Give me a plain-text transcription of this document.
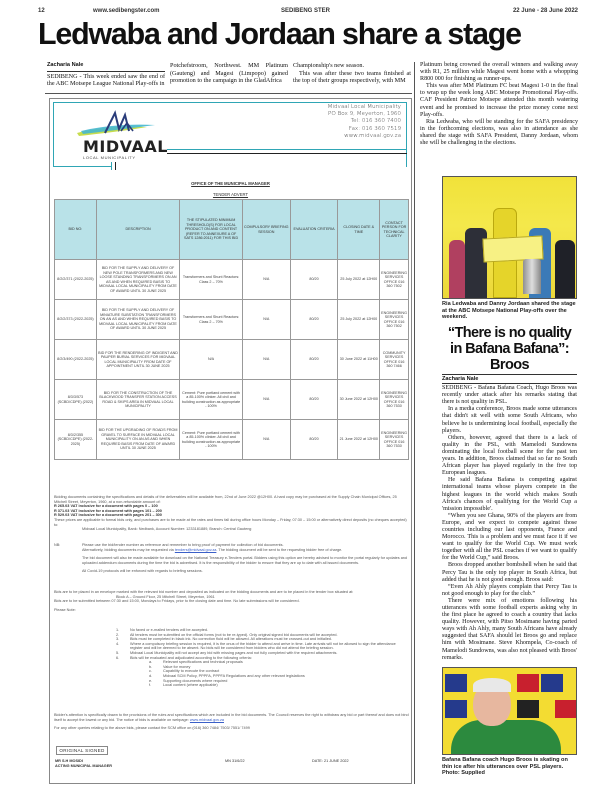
12	www.sedibengster.com	SEDIBENG STER	22 June - 28 June 2022
Ledwaba and Jordaan share a stage
Zacharia Nale
SEDIBENG - This week ended saw the end of the ABC Motsepe League National Play-offs in
Potchefstroom, Northwest. MM Platinum (Gauteng) and Magesi (Limpopo) gained promotion to the campaign in the GladAfrica
Championship's new season.
This was after these two teams finished at the top of their groups respectively, with MM
MIDVAAL
LOCAL MUNICIPALITY
Midvaal Local Municipality
PO Box 9, Meyerton, 1960
Tel: 016 360 7400
Fax: 016 360 7519
www.midvaal.gov.za
OFFICE OF THE MUNICIPAL MANAGER
TENDER ADVERT
BID NO:	DESCRIPTION	THE STIPULATED MINIMUM THRESHOLD(S) FOR LOCAL PRODUCT ON AND CONTENT (REFER TO ANNEXURE A OF SATS 1286:2011) FOR THIS BID	COMPULSORY BRIEFING SESSION	EVALUATION CRITERIA	CLOSING DATE & TIME	CONTACT PERSON FOR TECHNICAL CLARITY
8/2/2/371 (2022-2025)	BID FOR THE SUPPLY AND DELIVERY OF NEW POLE TRANSFORMERS AND NEW LOOSE STANDING TRANSFORMERS ON AN AS AND WHEN REQUIRED BASIS TO MIDVAAL LOCAL MUNICIPALITY FROM DATE OF AWARD UNTIL 30 JUNE 2025	Transformers and Shunt Reactors: Class 2 – 70%	N/A	80/20	25 July 2022 at 12H00	ENGINEERING SERVICES OFFICE 016 360 7502
8/2/2/373 (2022-2025)	BID FOR THE SUPPLY AND DELIVERY OF MINIATURE SUBSTATION TRANSFORMERS ON AN AS AND WHEN REQUIRED BASIS TO MIDVAAL LOCAL MUNICIPALITY FROM DATE OF AWARD UNTIL 30 JUNE 2025	Transformers and Shunt Reactors: Class 2 – 70%	N/A	80/20	25 July 2022 at 12H00	ENGINEERING SERVICES OFFICE 016 360 7502
8/2/3/490 (2022-2025)	BID FOR THE RENDERING OF INDIGENT AND PAUPER BURIAL SERVICES FOR MIDVAAL LOCAL MUNICIPALITY FROM DATE OF APPOINTMENT UNTIL 30 JUNE 2025	N/A	N/A	80/20	30 June 2022 at 11H00	COMMUNITY SERVICES OFFICE 016 360 7466
8/3/3/573 (SCBD/CDPE) (2022)	BID FOR THE CONSTRUCTION OF THE BLACKWOOD TRANSFER STATION ACCESS ROAD & SKIPS AREA IN MIDVAAL LOCAL MUNICIPALITY	Cement: Pure portland cement with a 85-100% clinker. All civil and building construction as appropriate - 100%	N/A	80/20	30 June 2022 at 12H00	ENGINEERING SERVICES OFFICE 016 360 7530
8/3/2/355 (SCBD/CDPE) (2022-2025)	BID FOR THE UPGRADING OF ROADS FROM GRAVEL TO SURFACE IN MIDVAAL LOCAL MUNICIPALITY ON AN AS AND WHEN REQUIRED BASIS FROM DATE OF AWARD UNTIL 30 JUNE 2025	Cement: Pure portland cement with a 85-100% clinker. All civil and building construction as appropriate - 100%	N/A	80/20	21 June 2022 at 12H00	ENGINEERING SERVICES OFFICE 016 360 7530
Bidding documents containing the specifications and details of the deliverables will be available from, 22nd of June 2022 @12H00. A hard copy may be purchased at the Supply Chain Municipal Offices, 25 Mitchell Street, Meyerton, 1960, at a non-refundable amount of:
R 265.03 VAT inclusive for a document with pages 0 – 100
R 371.03 VAT inclusive for a document with pages 101 – 200
R 529.03 VAT inclusive for a document with pages 201 – 300
These prices are applicable to formal bids only, and purchases are to be made at the rates and times fall during office hours Monday – Friday, 07:30 – 15:00 or alternatively direct deposits (no cheques accepted) to:
Midvaal Local Municipality, Bank: Nedbank, Account Number: 1233181889, Branch: Central Gauteng
NB:	Please use the bid/tender number as reference and remember to bring proof of payment for collection of bid documents.
Alternatively, bidding documents may be requested via tenders@midvaal.gov.za. The bidding document will be sent to the requesting bidder free of charge.
The bid document will also be made available for download on the National Treasury e-Tenders portal. Bidders using this option are hereby advised to monitor the portal regularly for updates and uploaded addendum documents during the time the bid is advertised. It is the responsibility of the bidder to ensure that they are up to date with all issued documents.
All Covid-19 protocols will be enforced with regards to briefing sessions.
Bids are to be placed in an envelope marked with the relevant bid number and deposited as indicated on the bidding documents and are to be placed in the tender box situated at:
Block A – Ground Floor, 25 Mitchell Street, Meyerton, 1961
Bids are to be submitted between 07:30 and 15:00, Mondays to Fridays, prior to the closing date and time. No late submissions will be considered.
Please Note:
1.	No faxed or e-mailed tenders will be accepted.
2.	All tenders must be submitted on the official forms (not to be re-typed). Only original signed bid documents will be accepted.
3.	Bids must be completed in black ink. No correction fluid will be allowed. All alterations must be crossed-out and initialled.
4.	Where a compulsory briefing session is required, it is the onus of the bidder to attend and arrive in time. Late arrivals will not be allowed to sign the attendance register and will be deemed to be absent. No bids will be considered from bidders who did not attend the briefing session.
5.	Midvaal Local Municipality will not accept any bid with missing pages and not fully completed with the required attachments.
6.	Bids will be evaluated and adjudicated according to the following criteria:
a.	Relevant specifications and technical proposals
b.	Value for money
c.	Capability to execute the contract
d.	Midvaal SCM Policy, PPPFA, PPPFA Regulations and any other relevant legislations
e.	Supporting documents where required
f.	Local content (where applicable)
Bidder's attention is specifically drawn to the provisions of the rules and specifications which are included in the bid documents. The Council reserves the right to withdraw any bid or part thereof and does not bind itself to accept the lowest or any bid. The notice of bids is available on webpage: www.midvaal.gov.za
For any other queries relating to the above bids, please contact the SCM office on (016) 360 7484/ 7503/ 7551/ 7499
ORIGINAL SIGNED
MR S.H MOSIDI
ACTING MUNICIPAL MANAGER
MN 31/6/22	DATE: 21 JUNE 2022

Platinum being crowned the overall winners and walking away with R1, 25 million while Magesi went home with a whopping R800 000 for finishing as runner-ups.

This was after MM Platinum FC beat Magesi 1-0 in the final to wrap up the week long ABC Motsepe Promotional Play-offs. CAF President Patrice Motsepe attended this month watering event and he promised to increase the prize money come next Play-offs.

Ria Ledwaba, who will be standing for the SAFA presidency in the forthcoming elections, was also in attendance as she shared the stage with SAFA President, Danny Jordaan, whom she will be challenging in the elections.

Ria Ledwaba and Danny Jordaan shared the stage at the ABC Motsepe National Play-offs over the weekend.
“There is no quality in Bafana Bafana”: Broos
Zacharia Nale

SEDIBENG - Bafana Bafana Coach, Hugo Broos was recently under attack after his remarks stating that there is not quality in PSL.

In a media conference, Broos made some utterances that didn't sit well with some South Africans, who believe he is undermining local football, especially the players.

Others, however, agreed that there is a lack of quality in the PSL, with Mamelodi Sundowns dominating the local football scene for the past ten years. In addition, Broos claimed that so far no South African player has played regularly in the five top European leagues.

He said Bafana Bafana is competing against international teams whose players compete in the highest leagues in the world which makes South Africa's chances of qualifying for the World Cup a 'mission impossible'.

“When you see Ghana, 90% of the players are from Europe, and we expect to compete against those countries including our last opponents, France and Morocco. This is a problem and we must face it if we want to qualify for the World Cup. We must work together with all the PSL coaches if we want to qualify for the World Cup,” said Broos.

Broos dropped another bombshell when he said that Percy Tau is the only top player in South Africa, but added that he is not good enough. Broos said:

“Even Ah Ahly players complain that Percy Tau is not good enough to play for the club.”

There were mix of emotions following his utterances with some football experts asking why in the first place he agreed to coach a country that lacks quality. However, with Pitso Mosimane having parted ways with Ah Ahly, many South Africans have already suggested that SAFA should let Broos go and replace him with Mosimane. Steve Khompela, Co-coach of Mamelodi Sundowns, was also not pleased with Broos' remarks.

Bafana Bafana coach Hugo Broos is skating on thin ice after his utterances over PSL players. Photo: Supplied
